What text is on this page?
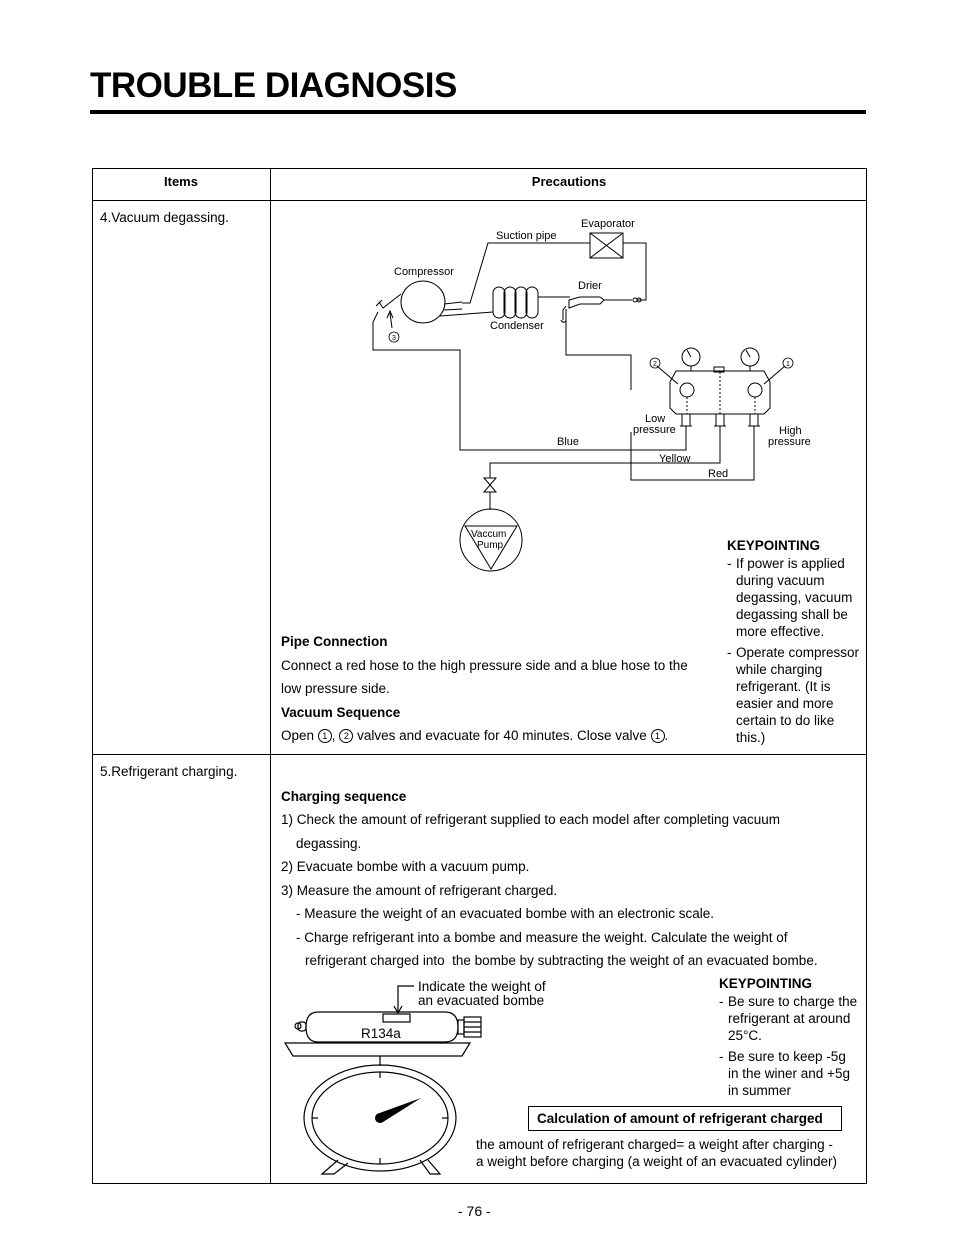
TROUBLE DIAGNOSIS
Items	Precautions
4.Vacuum degassing.
3
2	1
Evaporator
Suction pipe
Compressor
Drier
Condenser
Low
pressure	High
pressure
Blue
Yellow
Red
Vaccum
Pump	KEYPOINTING
- If power is applied during vacuum degassing, vacuum degassing shall be more effective.
- Operate compressor while charging refrigerant. (It is easier and more certain to do like this.)
Pipe Connection
Connect a red hose to the high pressure side and a blue hose to the
low pressure side.
Vacuum Sequence
Open 1 , 2 valves and evacuate for 40 minutes. Close valve 1 .
5.Refrigerant charging.
Charging sequence
1) Check the amount of refrigerant supplied to each model after completing vacuum
degassing.
2) Evacuate bombe with a vacuum pump.
3) Measure the amount of refrigerant charged.
- Measure the weight of an evacuated bombe with an electronic scale.
- Charge refrigerant into a bombe and measure the weight. Calculate the weight of
refrigerant charged into  the bombe by subtracting the weight of an evacuated bombe.
Indicate the weight of
an evacuated bombe
R134a
KEYPOINTING
- Be sure to charge the refrigerant at around 25°C.
- Be sure to keep -5g in the winer and +5g in summer
Calculation of amount of refrigerant charged
the amount of refrigerant charged= a weight after charging -
a weight before charging (a weight of an evacuated cylinder)
- 76 -
